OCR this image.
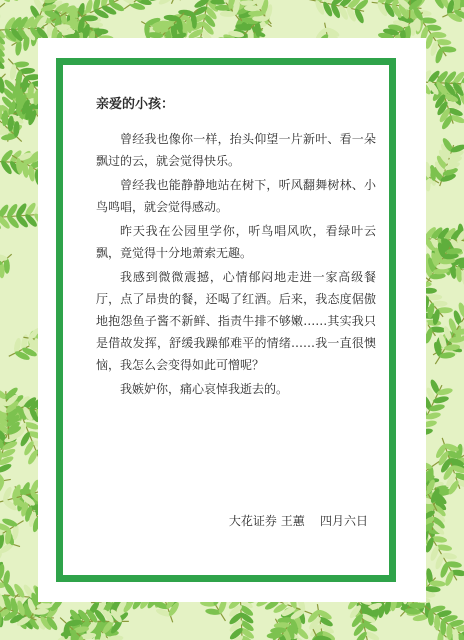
亲爱的小孩：

曾经我也像你一样，抬头仰望一片新叶、看一朵飘过的云，就会觉得快乐。

曾经我也能静静地站在树下，听风翻舞树林、小鸟鸣唱，就会觉得感动。

昨天我在公园里学你，听鸟唱风吹，看绿叶云飘，竟觉得十分地萧索无趣。

我感到微微震撼，心情郁闷地走进一家高级餐厅，点了昂贵的餐，还喝了红酒。后来，我态度倨傲地抱怨鱼子酱不新鲜、指责牛排不够嫩……其实我只是借故发挥，舒缓我躁郁难平的情绪……我一直很懊恼，我怎么会变得如此可憎呢？

我嫉妒你，痛心哀悼我逝去的。

大花证券 王蕙    四月六日
